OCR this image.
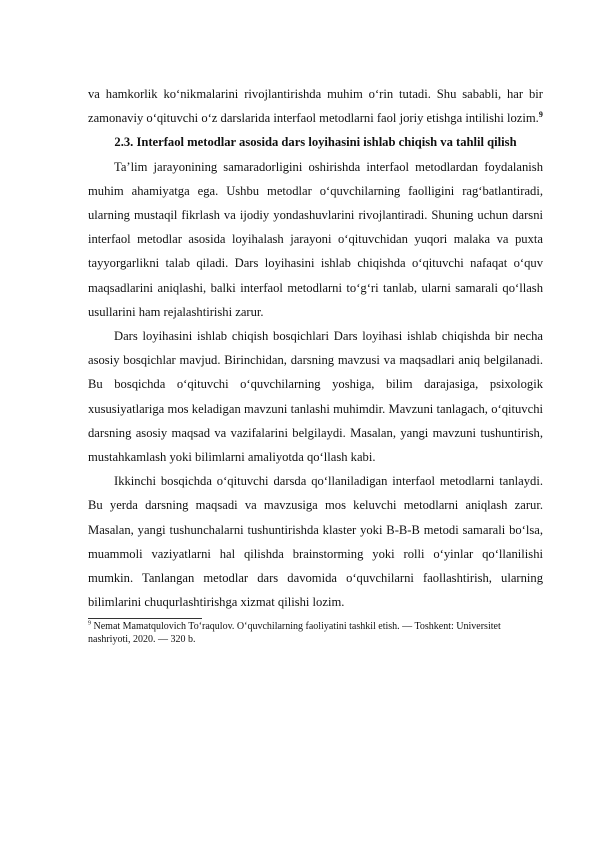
va hamkorlik ko‘nikmalarini rivojlantirishda muhim o‘rin tutadi. Shu sababli, har bir zamonaviy o‘qituvchi o‘z darslarida interfaol metodlarni faol joriy etishga intilishi lozim.$^9$

2.3. Interfaol metodlar asosida dars loyihasini ishlab chiqish va tahlil qilish

Ta’lim jarayonining samaradorligini oshirishda interfaol metodlardan foydalanish muhim ahamiyatga ega. Ushbu metodlar o‘quvchilarning faolligini rag‘batlantiradi, ularning mustaqil fikrlash va ijodiy yondashuvlarini rivojlantiradi. Shuning uchun darsni interfaol metodlar asosida loyihalash jarayoni o‘qituvchidan yuqori malaka va puxta tayyorgarlikni talab qiladi. Dars loyihasini ishlab chiqishda o‘qituvchi nafaqat o‘quv maqsadlarini aniqlashi, balki interfaol metodlarni to‘g‘ri tanlab, ularni samarali qo‘llash usullarini ham rejalashtirishi zarur.

Dars loyihasini ishlab chiqish bosqichlari Dars loyihasi ishlab chiqishda bir necha asosiy bosqichlar mavjud. Birinchidan, darsning mavzusi va maqsadlari aniq belgilanadi. Bu bosqichda o‘qituvchi o‘quvchilarning yoshiga, bilim darajasiga, psixologik xususiyatlariga mos keladigan mavzuni tanlashi muhimdir. Mavzuni tanlagach, o‘qituvchi darsning asosiy maqsad va vazifalarini belgilaydi. Masalan, yangi mavzuni tushuntirish, mustahkamlash yoki bilimlarni amaliyotda qo‘llash kabi.

Ikkinchi bosqichda o‘qituvchi darsda qo‘llaniladigan interfaol metodlarni tanlaydi. Bu yerda darsning maqsadi va mavzusiga mos keluvchi metodlarni aniqlash zarur. Masalan, yangi tushunchalarni tushuntirishda klaster yoki B-B-B metodi samarali bo‘lsa, muammoli vaziyatlarni hal qilishda brainstorming yoki rolli o‘yinlar qo‘llanilishi mumkin. Tanlangan metodlar dars davomida o‘quvchilarni faollashtirish, ularning bilimlarini chuqurlashtirishga xizmat qilishi lozim.

$^9$ Nemat Mamatqulovich To‘raqulov. O‘quvchilarning faoliyatini tashkil etish. — Toshkent: Universitet nashriyoti, 2020. — 320 b.
